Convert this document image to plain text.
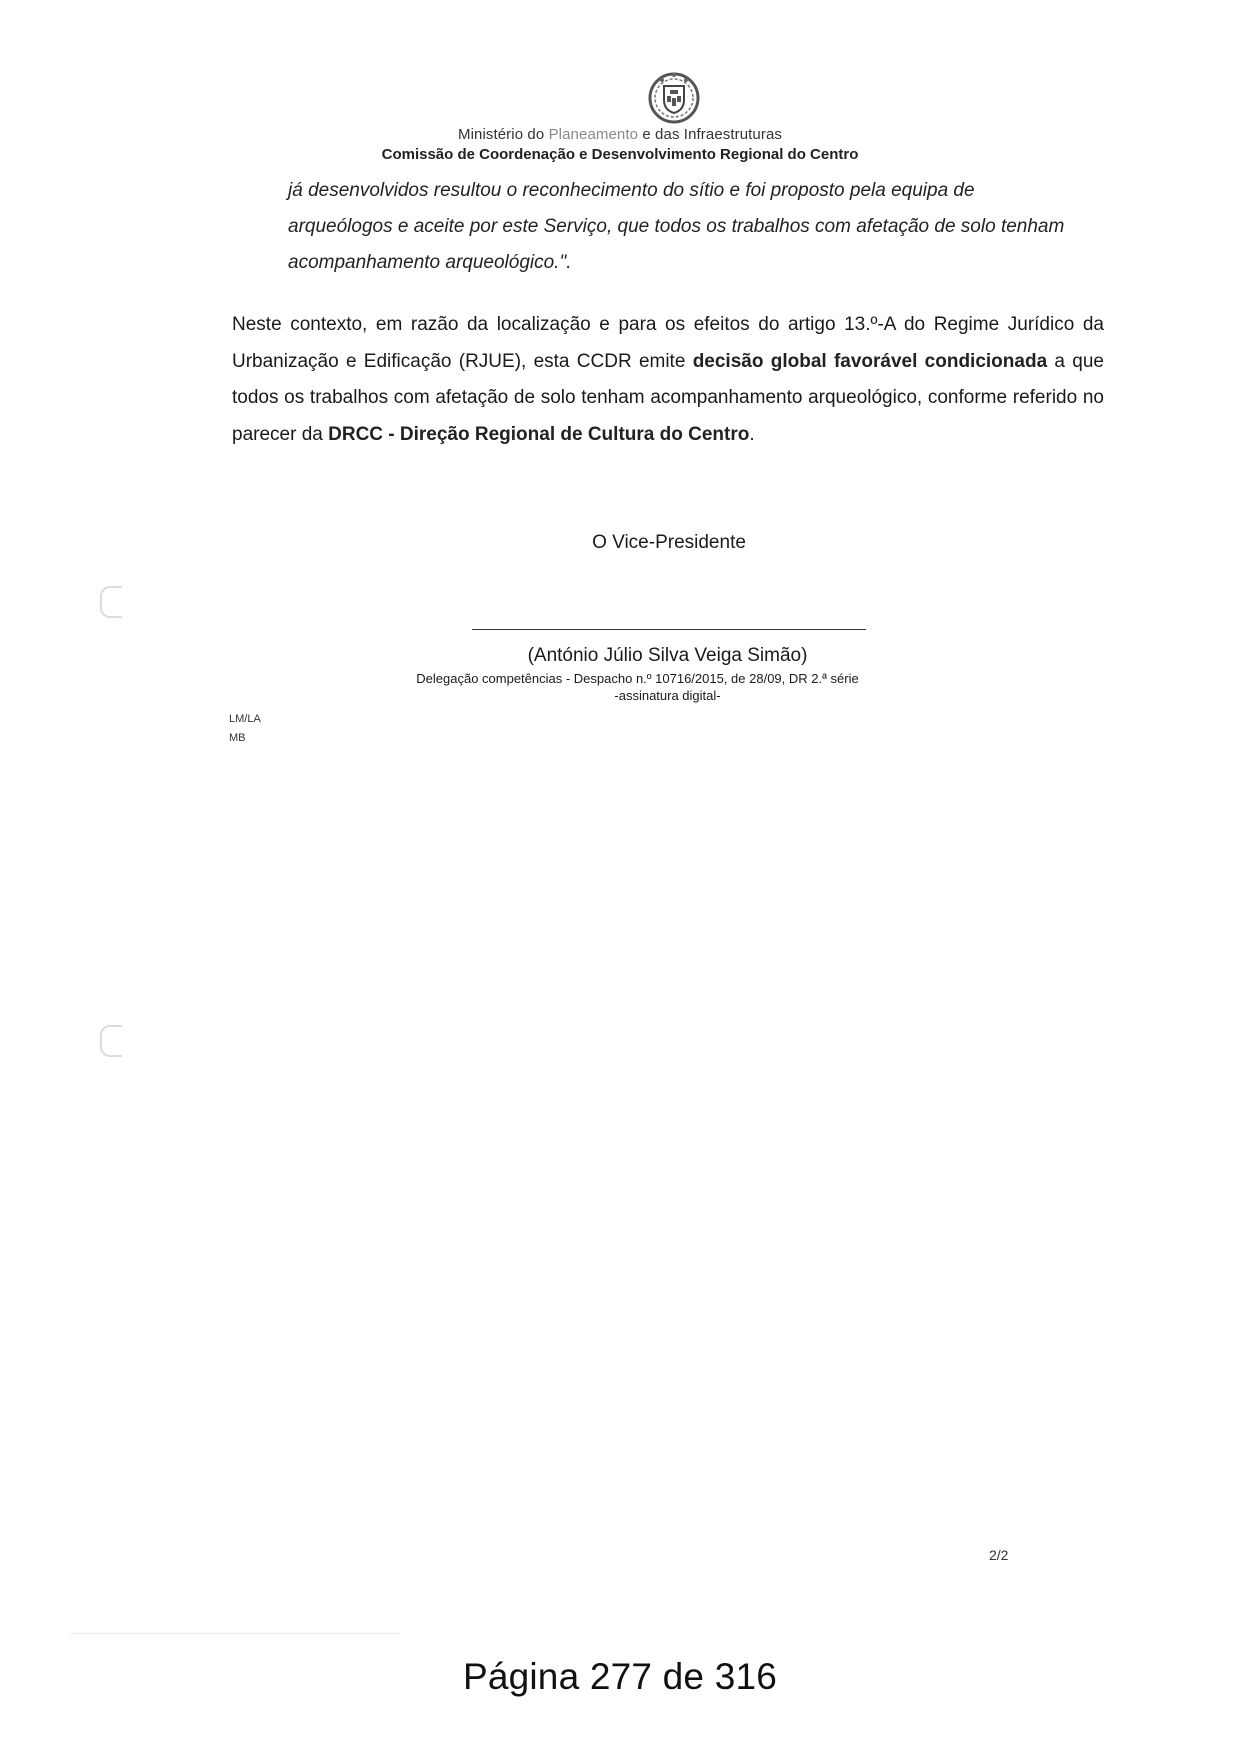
Ministério do Planeamento e das Infraestruturas
Comissão de Coordenação e Desenvolvimento Regional do Centro

já desenvolvidos resultou o reconhecimento do sítio e foi proposto pela equipa de arqueólogos e aceite por este Serviço, que todos os trabalhos com afetação de solo tenham acompanhamento arqueológico.".

Neste contexto, em razão da localização e para os efeitos do artigo 13.º-A do Regime Jurídico da Urbanização e Edificação (RJUE), esta CCDR emite decisão global favorável condicionada a que todos os trabalhos com afetação de solo tenham acompanhamento arqueológico, conforme referido no parecer da DRCC - Direção Regional de Cultura do Centro.

O Vice-Presidente
(António Júlio Silva Veiga Simão)
Delegação competências - Despacho n.º 10716/2015, de 28/09, DR 2.ª série
-assinatura digital-
LM/LA
MB
2/2
Página 277 de 316
